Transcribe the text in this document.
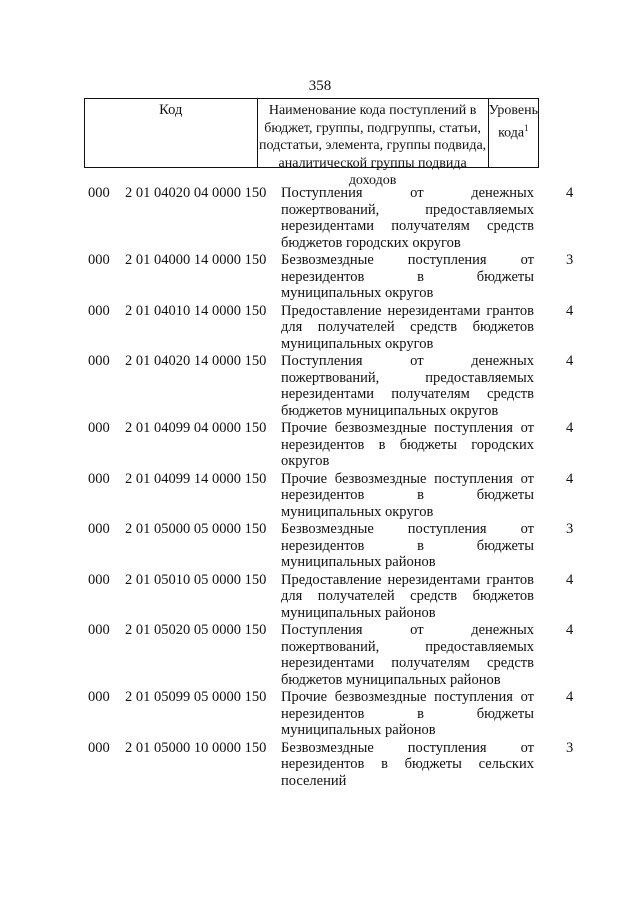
358
Код	Наименование кода поступлений в бюджет, группы, подгруппы, статьи, подстатьи, элемента, группы подвида, аналитической группы подвида доходов
Уровень кода$^1$
000 2 01 04020 04 0000 150 Поступления от денежных пожертвований, предоставляемых нерезидентами получателям средств бюджетов городских округов
4
000 2 01 04000 14 0000 150 Безвозмездные поступления от нерезидентов в бюджеты муниципальных округов
3
000 2 01 04010 14 0000 150 Предоставление нерезидентами грантов для получателей средств бюджетов муниципальных округов
4
000 2 01 04020 14 0000 150 Поступления от денежных пожертвований, предоставляемых нерезидентами получателям средств бюджетов муниципальных округов
4
000 2 01 04099 04 0000 150 Прочие безвозмездные поступления от нерезидентов в бюджеты городских округов
4
000 2 01 04099 14 0000 150 Прочие безвозмездные поступления от нерезидентов в бюджеты муниципальных округов
4
000 2 01 05000 05 0000 150 Безвозмездные поступления от нерезидентов в бюджеты муниципальных районов
3
000 2 01 05010 05 0000 150 Предоставление нерезидентами грантов для получателей средств бюджетов муниципальных районов
4
000 2 01 05020 05 0000 150 Поступления от денежных пожертвований, предоставляемых нерезидентами получателям средств бюджетов муниципальных районов
4
000 2 01 05099 05 0000 150 Прочие безвозмездные поступления от нерезидентов в бюджеты муниципальных районов
4
000 2 01 05000 10 0000 150 Безвозмездные поступления от нерезидентов в бюджеты сельских поселений
3
